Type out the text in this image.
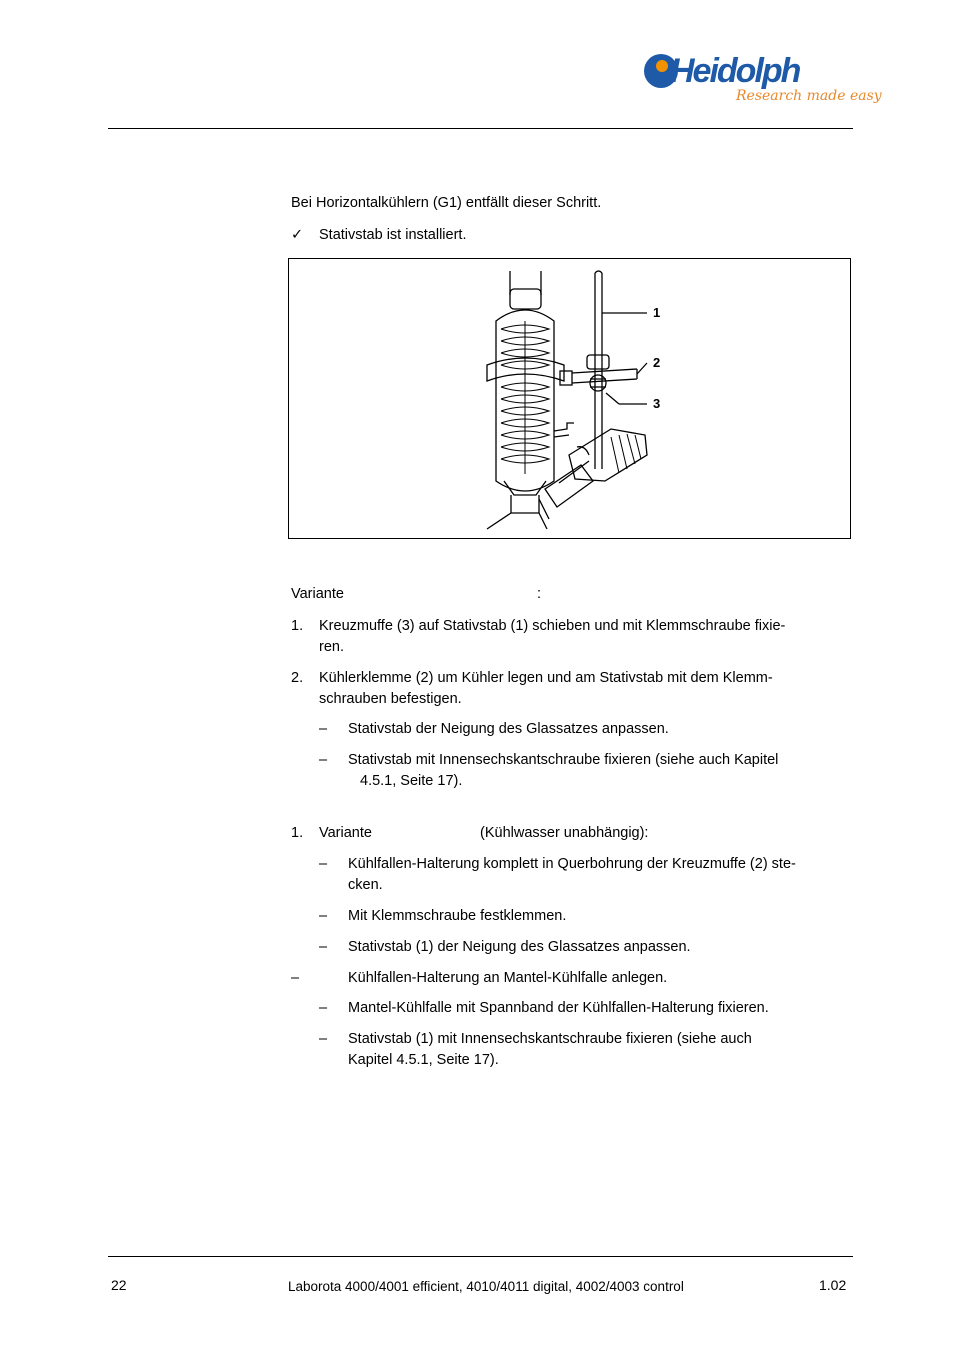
Heidolph
Research made easy
Bei Horizontalkühlern (G1) entfällt dieser Schritt.
✓ Stativstab ist installiert.
1
2
3
Variante	:
1. Kreuzmuffe (3) auf Stativstab (1) schieben und mit Klemmschraube fixie-
ren.
2. Kühlerklemme (2) um Kühler legen und am Stativstab mit dem Klemm-
schrauben befestigen.
– Stativstab der Neigung des Glassatzes anpassen.
– Stativstab mit Innensechskantschraube fixieren (siehe auch Kapitel
4.5.1, Seite 17).
1. Variante	(Kühlwasser unabhängig):
– Kühlfallen-Halterung komplett in Querbohrung der Kreuzmuffe (2) ste-
cken.
– Mit Klemmschraube festklemmen.
– Stativstab (1) der Neigung des Glassatzes anpassen.
–	Kühlfallen-Halterung an Mantel-Kühlfalle anlegen.
– Mantel-Kühlfalle mit Spannband der Kühlfallen-Halterung fixieren.
– Stativstab (1) mit Innensechskantschraube fixieren (siehe auch
Kapitel 4.5.1, Seite 17).
22	Laborota 4000/4001 efficient, 4010/4011 digital, 4002/4003 control	1.02
